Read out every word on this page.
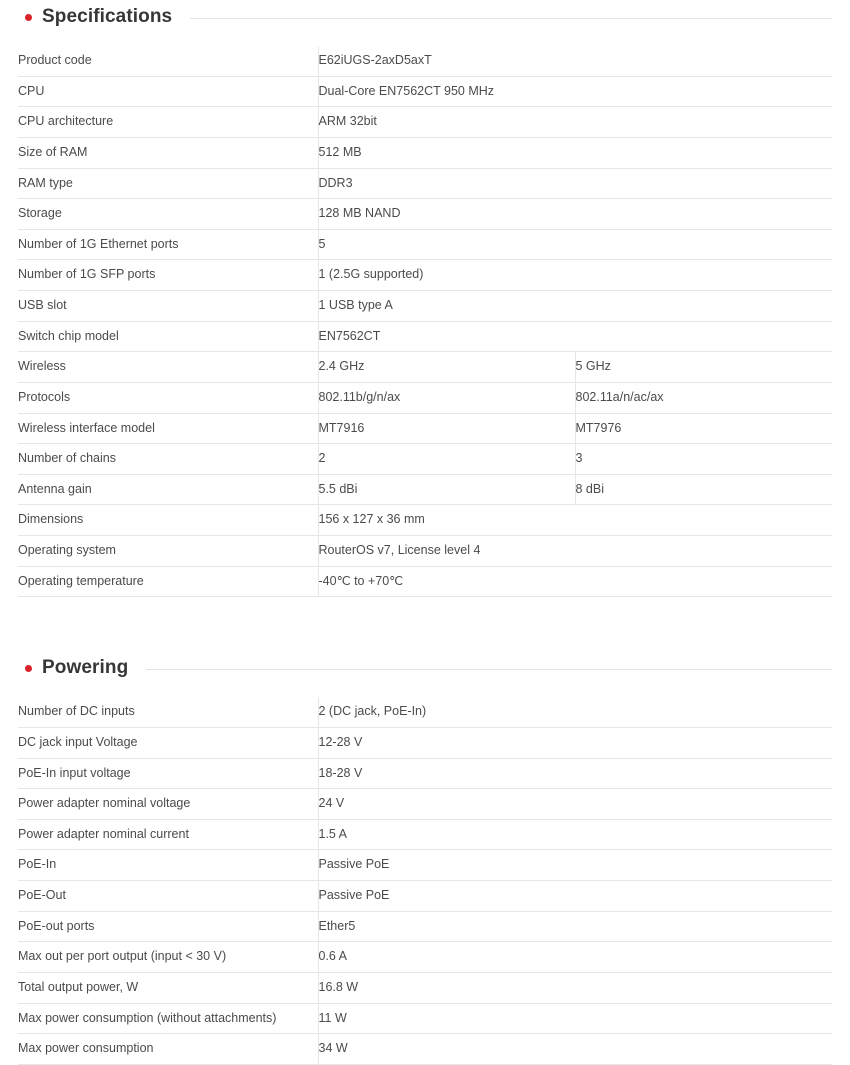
Specifications
Product code	E62iUGS-2axD5axT	
CPU	Dual-Core EN7562CT 950 MHz	
CPU architecture	ARM 32bit	
Size of RAM	512 MB	
RAM type	DDR3	
Storage	128 MB NAND	
Number of 1G Ethernet ports	5	
Number of 1G SFP ports	1 (2.5G supported)	
USB slot	1 USB type A	
Switch chip model	EN7562CT	
Wireless	2.4 GHz	5 GHz
Protocols	802.11b/g/n/ax	802.11a/n/ac/ax
Wireless interface model	MT7916	MT7976
Number of chains	2	3
Antenna gain	5.5 dBi	8 dBi
Dimensions	156 x 127 x 36 mm	
Operating system	RouterOS v7, License level 4	
Operating temperature	-40℃ to +70℃	
Powering
Number of DC inputs	2 (DC jack, PoE-In)
DC jack input Voltage	12-28 V
PoE-In input voltage	18-28 V
Power adapter nominal voltage	24 V
Power adapter nominal current	1.5 A
PoE-In	Passive PoE
PoE-Out	Passive PoE
PoE-out ports	Ether5
Max out per port output (input < 30 V)	0.6 A
Total output power, W	16.8 W
Max power consumption (without attachments)	11 W
Max power consumption	34 W
